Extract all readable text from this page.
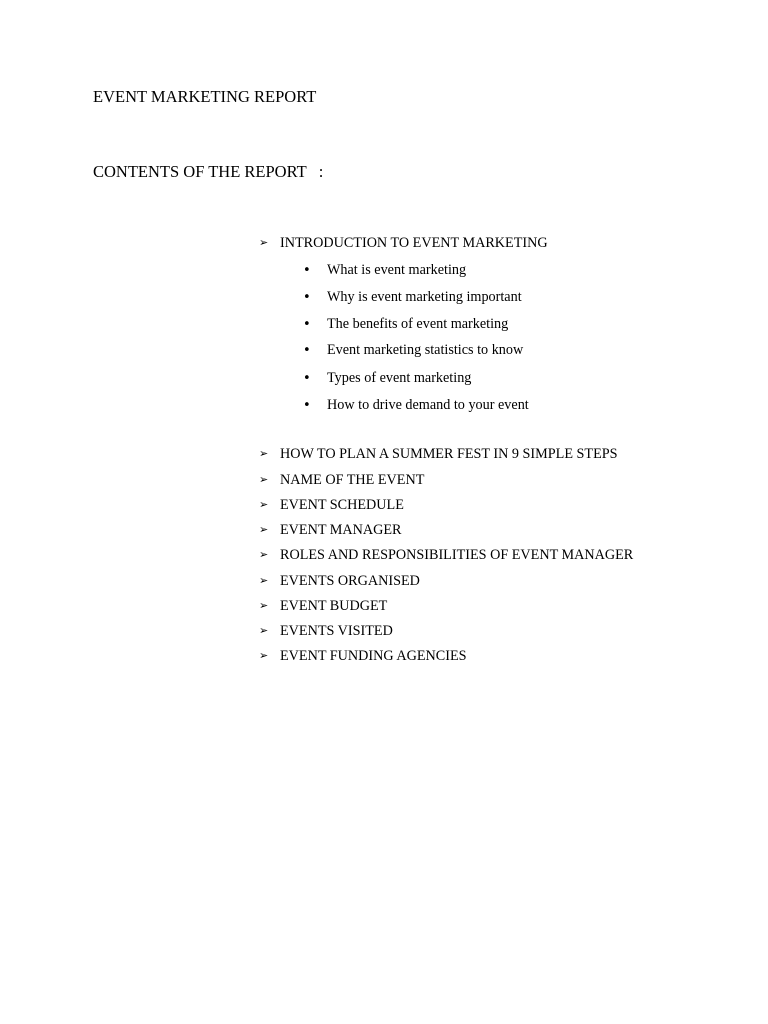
EVENT MARKETING REPORT
CONTENTS OF THE REPORT   :
➢ INTRODUCTION TO EVENT MARKETING
• What is event marketing
• Why is event marketing important
• The benefits of event marketing
• Event marketing statistics to know
• Types of event marketing
• How to drive demand to your event
➢ HOW TO PLAN A SUMMER FEST IN 9 SIMPLE STEPS
➢ NAME OF THE EVENT
➢ EVENT SCHEDULE
➢ EVENT MANAGER
➢ ROLES AND RESPONSIBILITIES OF EVENT MANAGER
➢ EVENTS ORGANISED
➢ EVENT BUDGET
➢ EVENTS VISITED
➢ EVENT FUNDING AGENCIES
